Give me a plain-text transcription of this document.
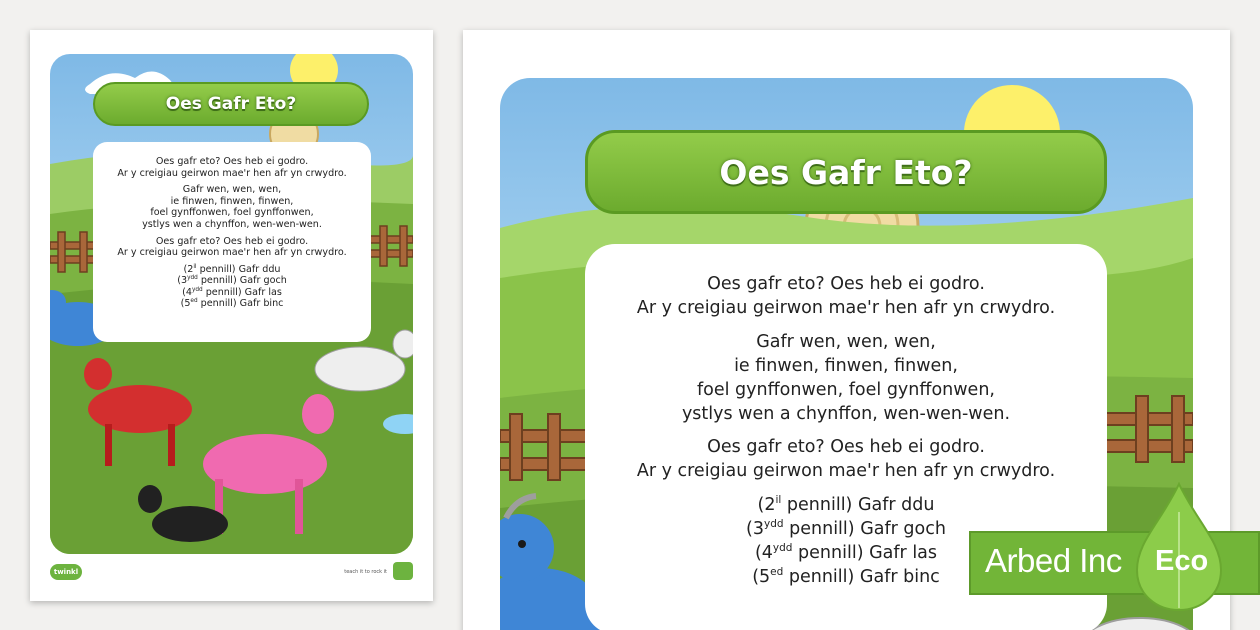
Oes Gafr Eto?

Oes gafr eto? Oes heb ei godro.

Ar y creigiau geirwon mae'r hen afr yn crwydro.

Gafr wen, wen, wen,

ie finwen, finwen, finwen,

foel gynffonwen, foel gynffonwen,

ystlys wen a chynffon, wen-wen-wen.

Oes gafr eto? Oes heb ei godro.

Ar y creigiau geirwon mae'r hen afr yn crwydro.

($2^{il}$ pennill) Gafr ddu

($3^{ydd}$ pennill) Gafr goch

($4^{ydd}$ pennill) Gafr las

($5^{ed}$ pennill) Gafr binc

twinkl	teach it to rock it
Oes Gafr Eto?

Oes gafr eto? Oes heb ei godro.

Ar y creigiau geirwon mae'r hen afr yn crwydro.

Gafr wen, wen, wen,

ie finwen, finwen, finwen,

foel gynffonwen, foel gynffonwen,

ystlys wen a chynffon, wen-wen-wen.

Oes gafr eto? Oes heb ei godro.

Ar y creigiau geirwon mae'r hen afr yn crwydro.

($2^{il}$ pennill) Gafr ddu

($3^{ydd}$ pennill) Gafr goch

($4^{ydd}$ pennill) Gafr las

($5^{ed}$ pennill) Gafr binc	Arbed Inc Eco
